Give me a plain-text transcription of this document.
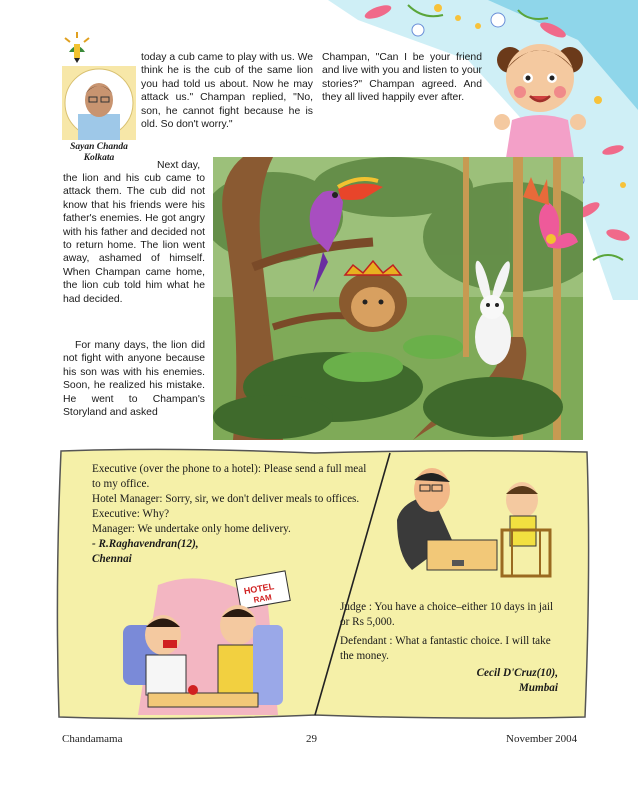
Sayan Chanda
Kolkata
today a cub came to play with us. We think he is the cub of the same lion you had told us about. Now he may attack us." Champan replied, "No, son, he cannot fight because he is old. So don't worry."
Next day,
the lion and his cub came to attack them. The cub did not know that his friends were his father's enemies. He got angry with his father and decided not to return home. The lion went away, ashamed of himself. When Champan came home, the lion cub told him what he had decided.
For many days, the lion did not fight with anyone because his son was with his enemies. Soon, he realized his mistake. He went to Champan's Storyland and asked
Champan, "Can I be your friend and live with you and listen to your stories?" Champan agreed. And they all lived happily ever after.

Executive (over the phone to a hotel): Please send a full meal to my office.

Hotel Manager: Sorry, sir, we don't deliver meals to offices.

Executive: Why?

Manager: We undertake only home delivery.

- R.Raghavendran(12),

Chennai

HOTEL
RAM

Judge : You have a choice–either 10 days in jail or Rs 5,000.

Defendant : What a fantastic choice. I will take the money.

Cecil D'Cruz(10),

Mumbai

Chandamama	29	November 2004
